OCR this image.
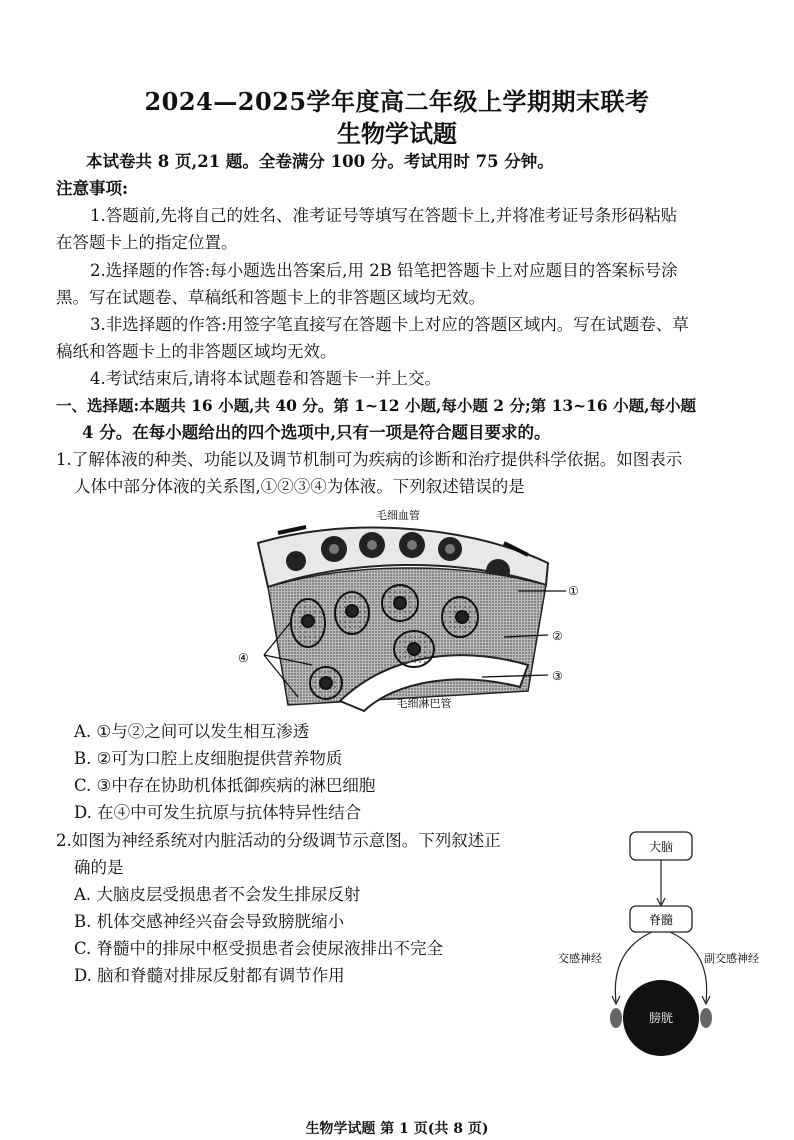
2024—2025学年度高二年级上学期期末联考
生物学试题
本试卷共 8 页,21 题。全卷满分 100 分。考试用时 75 分钟。
注意事项:
1.答题前,先将自己的姓名、准考证号等填写在答题卡上,并将准考证号条形码粘贴
在答题卡上的指定位置。
2.选择题的作答:每小题选出答案后,用 2B 铅笔把答题卡上对应题目的答案标号涂
黑。写在试题卷、草稿纸和答题卡上的非答题区域均无效。
3.非选择题的作答:用签字笔直接写在答题卡上对应的答题区域内。写在试题卷、草
稿纸和答题卡上的非答题区域均无效。
4.考试结束后,请将本试题卷和答题卡一并上交。
一、选择题:本题共 16 小题,共 40 分。第 1~12 小题,每小题 2 分;第 13~16 小题,每小题
4 分。在每小题给出的四个选项中,只有一项是符合题目要求的。
1.了解体液的种类、功能以及调节机制可为疾病的诊断和治疗提供科学依据。如图表示
人体中部分体液的关系图,①②③④为体液。下列叙述错误的是
毛细血管
①
②
③
④
毛细淋巴管
A. ①与②之间可以发生相互渗透
B. ②可为口腔上皮细胞提供营养物质
C. ③中存在协助机体抵御疾病的淋巴细胞
D. 在④中可发生抗原与抗体特异性结合
2.如图为神经系统对内脏活动的分级调节示意图。下列叙述正
确的是
A. 大脑皮层受损患者不会发生排尿反射
B. 机体交感神经兴奋会导致膀胱缩小
C. 脊髓中的排尿中枢受损患者会使尿液排出不完全
D. 脑和脊髓对排尿反射都有调节作用
大脑
脊髓
交感神经	副交感神经
膀胱
生物学试题 第 1 页(共 8 页)
